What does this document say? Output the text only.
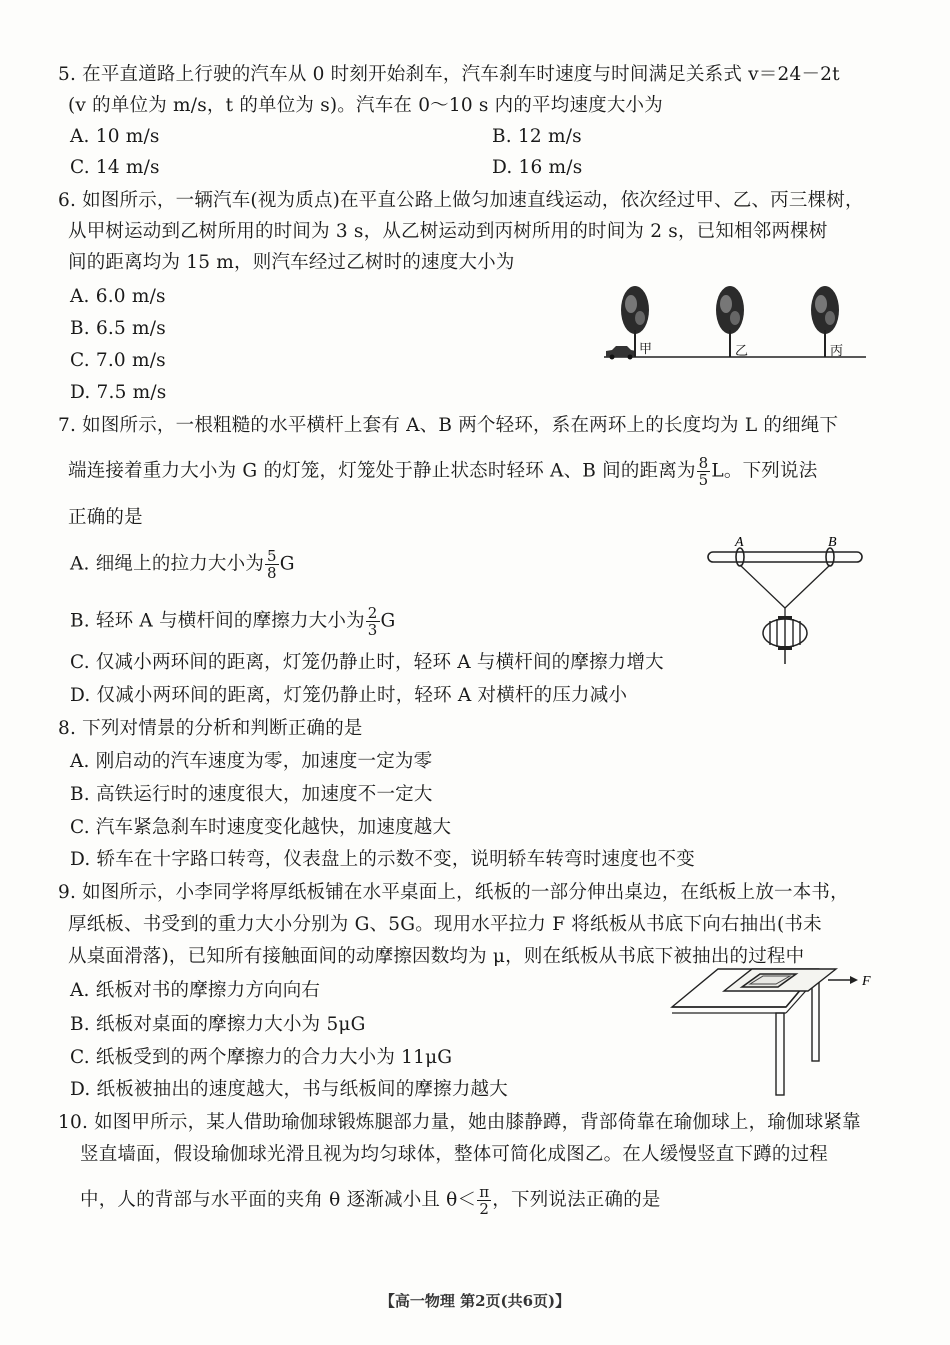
5. 在平直道路上行驶的汽车从 0 时刻开始刹车，汽车刹车时速度与时间满足关系式 v＝24－2t
(v 的单位为 m/s，t 的单位为 s)。汽车在 0～10 s 内的平均速度大小为
A. 10 m/s	B. 12 m/s
C. 14 m/s	D. 16 m/s
6. 如图所示，一辆汽车(视为质点)在平直公路上做匀加速直线运动，依次经过甲、乙、丙三棵树，
从甲树运动到乙树所用的时间为 3 s，从乙树运动到丙树所用的时间为 2 s，已知相邻两棵树
间的距离均为 15 m，则汽车经过乙树时的速度大小为
A. 6.0 m/s
B. 6.5 m/s
C. 7.0 m/s
D. 7.5 m/s
甲	乙	丙
7. 如图所示，一根粗糙的水平横杆上套有 A、B 两个轻环，系在两环上的长度均为 L 的细绳下
端连接着重力大小为 G 的灯笼，灯笼处于静止状态时轻环 A、B 间的距离为 $\frac{8}{5}$ L。下列说法
正确的是
A. 细绳上的拉力大小为 $\frac{5}{8}$ G
B. 轻环 A 与横杆间的摩擦力大小为 $\frac{2}{3}$ G
C. 仅减小两环间的距离，灯笼仍静止时，轻环 A 与横杆间的摩擦力增大
D. 仅减小两环间的距离，灯笼仍静止时，轻环 A 对横杆的压力减小
A	B
8. 下列对情景的分析和判断正确的是
A. 刚启动的汽车速度为零，加速度一定为零
B. 高铁运行时的速度很大，加速度不一定大
C. 汽车紧急刹车时速度变化越快，加速度越大
D. 轿车在十字路口转弯，仪表盘上的示数不变，说明轿车转弯时速度也不变
9. 如图所示，小李同学将厚纸板铺在水平桌面上，纸板的一部分伸出桌边，在纸板上放一本书，
厚纸板、书受到的重力大小分别为 G、5G。现用水平拉力 F 将纸板从书底下向右抽出(书未
从桌面滑落)，已知所有接触面间的动摩擦因数均为 μ，则在纸板从书底下被抽出的过程中
A. 纸板对书的摩擦力方向向右
B. 纸板对桌面的摩擦力大小为 5μG
C. 纸板受到的两个摩擦力的合力大小为 11μG
D. 纸板被抽出的速度越大，书与纸板间的摩擦力越大
F
10. 如图甲所示，某人借助瑜伽球锻炼腿部力量，她由膝静蹲，背部倚靠在瑜伽球上，瑜伽球紧靠
竖直墙面，假设瑜伽球光滑且视为均匀球体，整体可简化成图乙。在人缓慢竖直下蹲的过程
中，人的背部与水平面的夹角 θ 逐渐减小且 $\theta< \frac{\pi}{2}$ ，下列说法正确的是
【高一物理 第2页(共6页)】
